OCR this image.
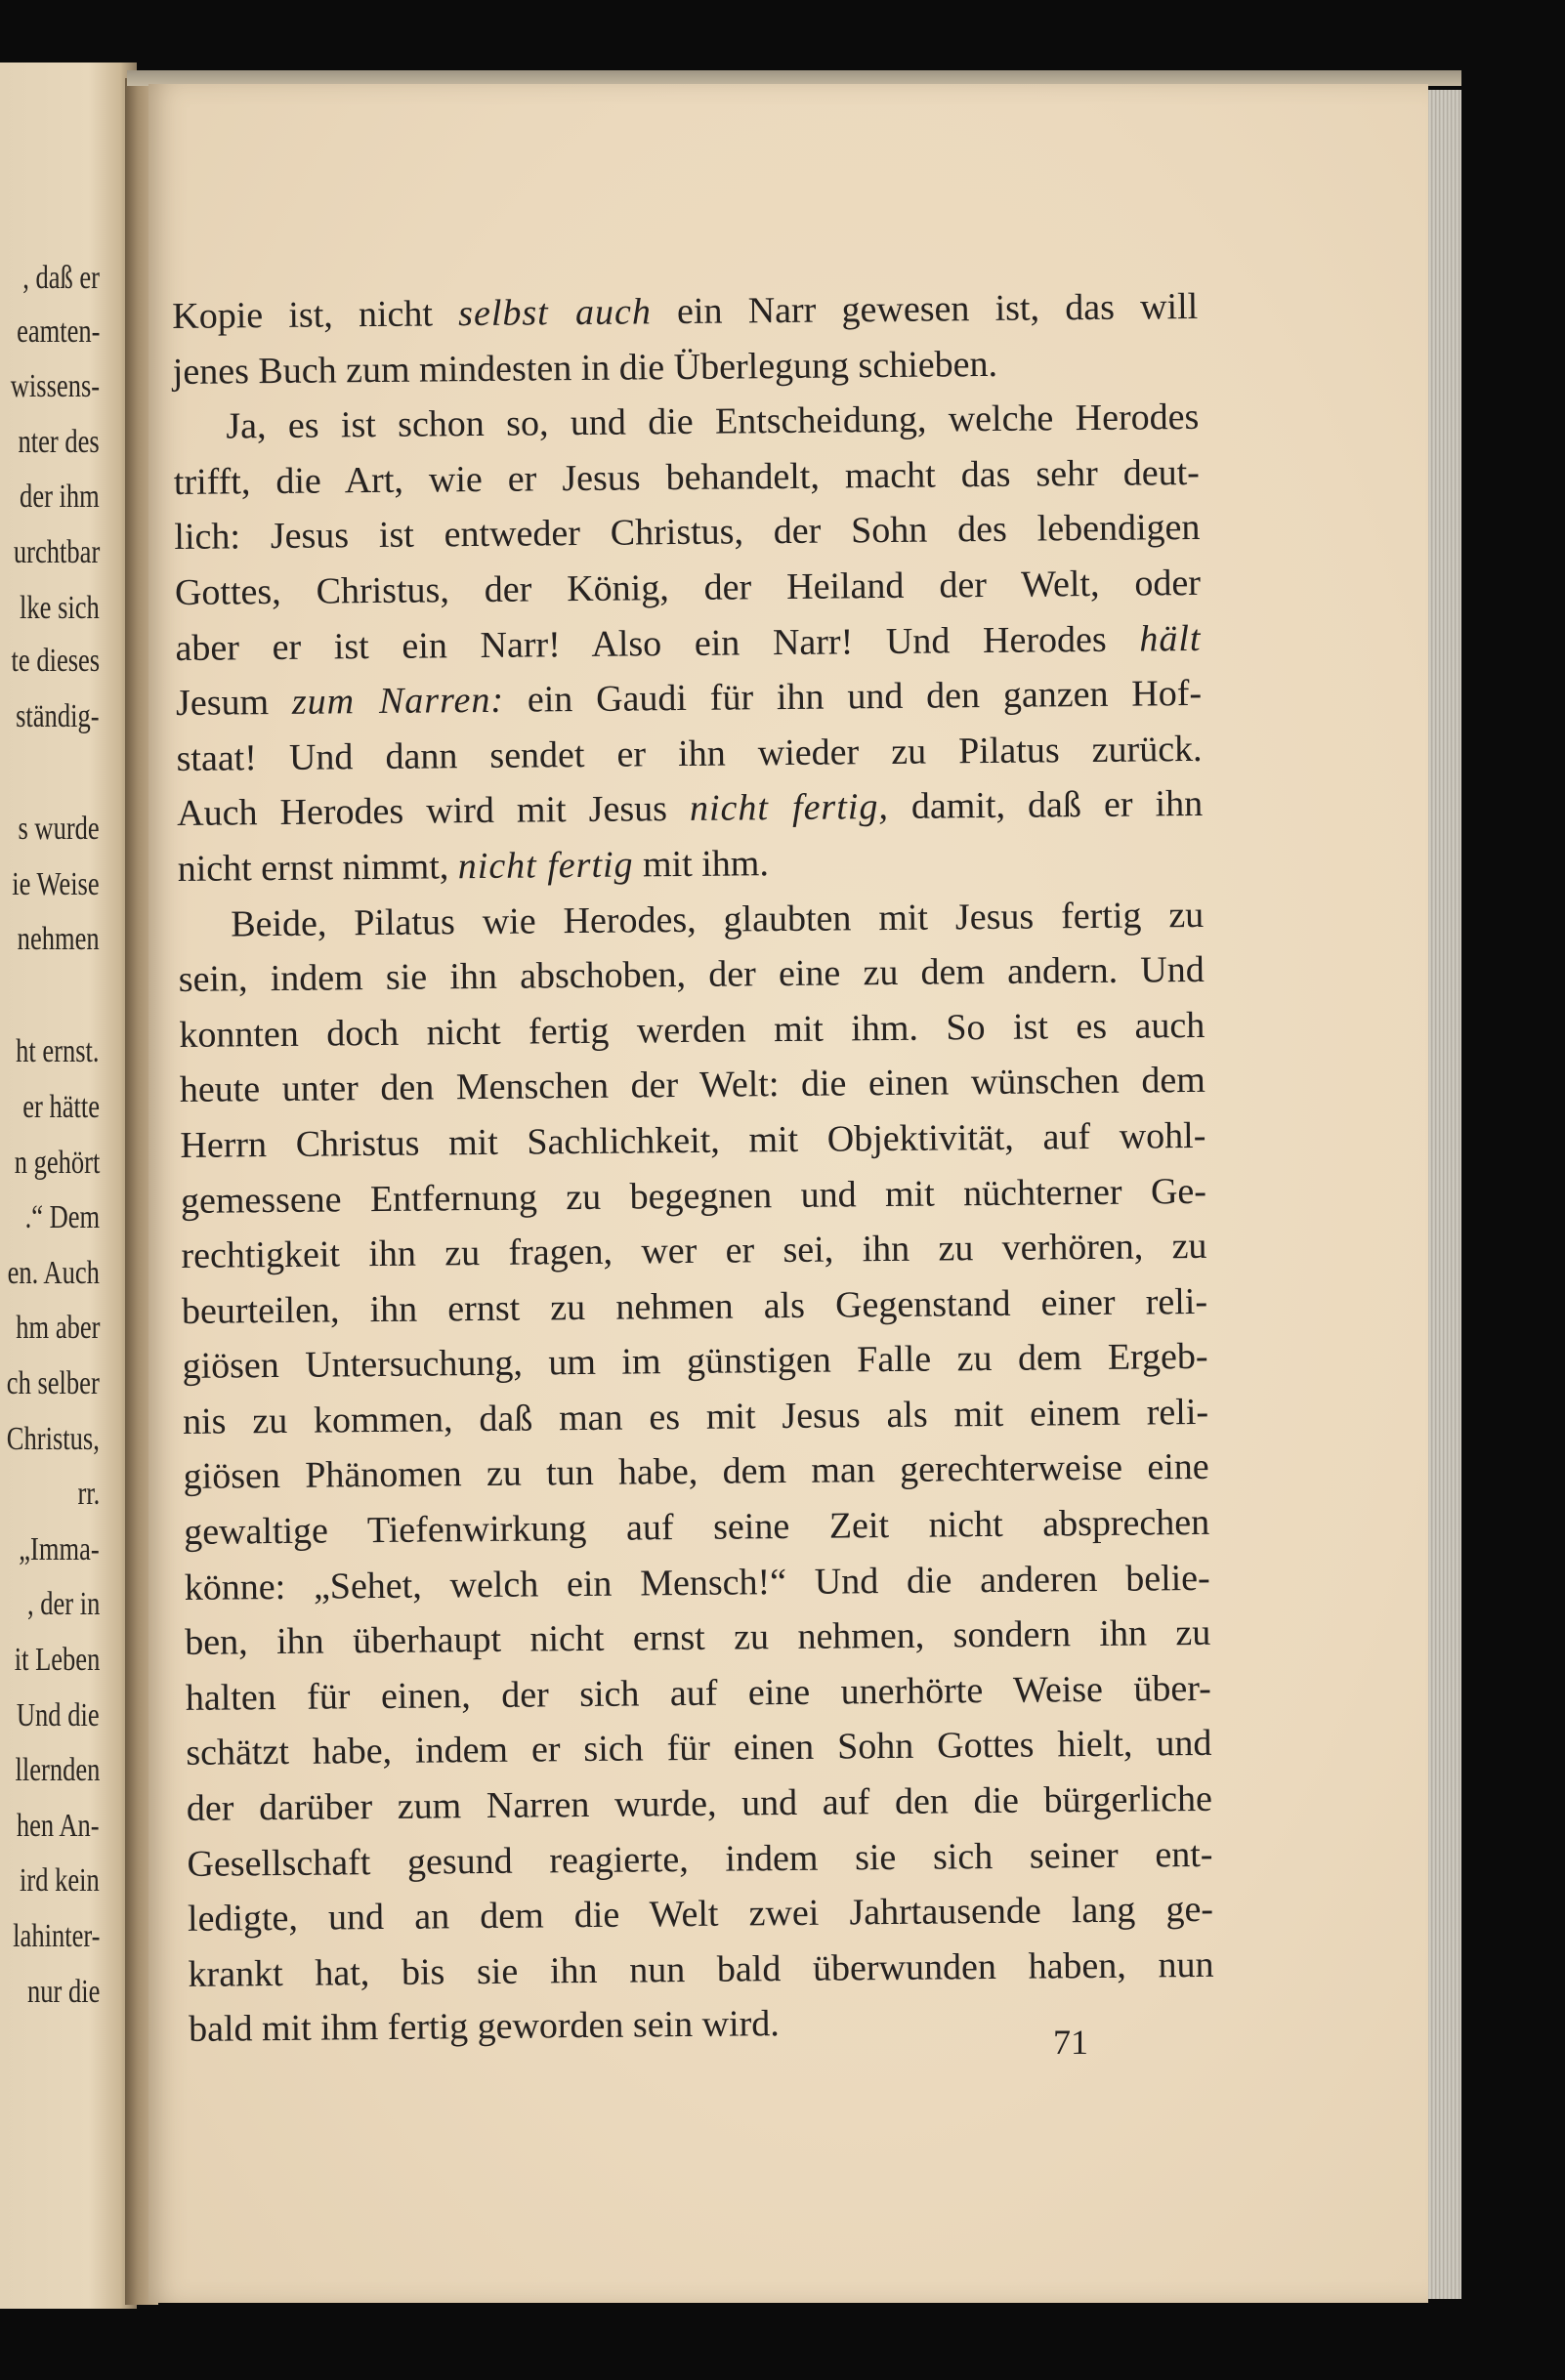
, daß er
eamten-
wissens-
nter des
der ihm
urchtbar
lke sich
te dieses
ständig-
s wurde
ie Weise
nehmen
ht ernst.
er hätte
n gehört
.“ Dem
en. Auch
hm aber
ch selber
Christus,
rr.
„Imma-
, der in
it Leben
Und die
llernden
hen An-
ird kein
lahinter-
nur die
Kopie ist, nicht selbst auch ein Narr gewesen ist, das will
jenes Buch zum mindesten in die Überlegung schieben.
Ja, es ist schon so, und die Entscheidung, welche Herodes
trifft, die Art, wie er Jesus behandelt, macht das sehr deut-
lich: Jesus ist entweder Christus, der Sohn des lebendigen
Gottes, Christus, der König, der Heiland der Welt, oder
aber er ist ein Narr! Also ein Narr! Und Herodes hält
Jesum zum Narren: ein Gaudi für ihn und den ganzen Hof-
staat! Und dann sendet er ihn wieder zu Pilatus zurück.
Auch Herodes wird mit Jesus nicht fertig, damit, daß er ihn
nicht ernst nimmt, nicht fertig mit ihm.
Beide, Pilatus wie Herodes, glaubten mit Jesus fertig zu
sein, indem sie ihn abschoben, der eine zu dem andern. Und
konnten doch nicht fertig werden mit ihm. So ist es auch
heute unter den Menschen der Welt: die einen wünschen dem
Herrn Christus mit Sachlichkeit, mit Objektivität, auf wohl-
gemessene Entfernung zu begegnen und mit nüchterner Ge-
rechtigkeit ihn zu fragen, wer er sei, ihn zu verhören, zu
beurteilen, ihn ernst zu nehmen als Gegenstand einer reli-
giösen Untersuchung, um im günstigen Falle zu dem Ergeb-
nis zu kommen, daß man es mit Jesus als mit einem reli-
giösen Phänomen zu tun habe, dem man gerechterweise eine
gewaltige Tiefenwirkung auf seine Zeit nicht absprechen
könne: „Sehet, welch ein Mensch!“ Und die anderen belie-
ben, ihn überhaupt nicht ernst zu nehmen, sondern ihn zu
halten für einen, der sich auf eine unerhörte Weise über-
schätzt habe, indem er sich für einen Sohn Gottes hielt, und
der darüber zum Narren wurde, und auf den die bürgerliche
Gesellschaft gesund reagierte, indem sie sich seiner ent-
ledigte, und an dem die Welt zwei Jahrtausende lang ge-
krankt hat, bis sie ihn nun bald überwunden haben, nun
bald mit ihm fertig geworden sein wird.	71
